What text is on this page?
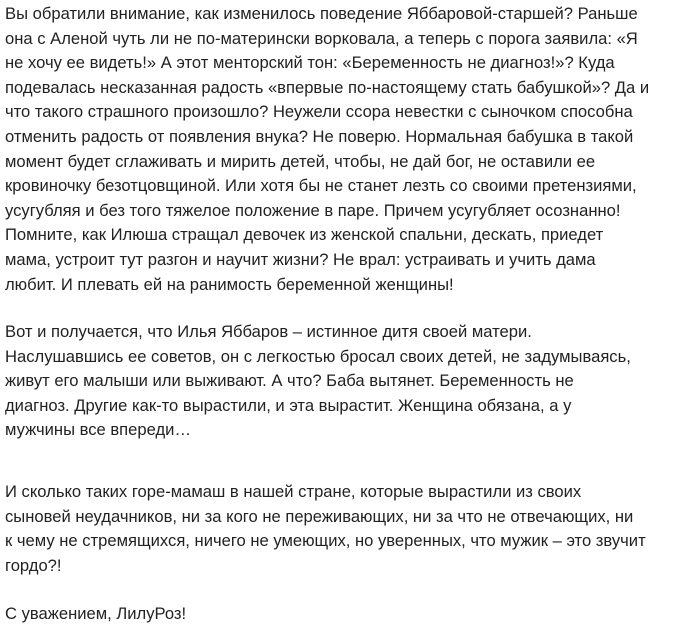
Вы обратили внимание, как изменилось поведение Яббаровой-старшей? Раньше
она с Аленой чуть ли не по-матерински ворковала, а теперь с порога заявила: «Я
не хочу ее видеть!» А этот менторский тон: «Беременность не диагноз!»? Куда
подевалась несказанная радость «впервые по-настоящему стать бабушкой»? Да и
что такого страшного произошло? Неужели ссора невестки с сыночком способна
отменить радость от появления внука? Не поверю. Нормальная бабушка в такой
момент будет сглаживать и мирить детей, чтобы, не дай бог, не оставили ее
кровиночку безотцовщиной. Или хотя бы не станет лезть со своими претензиями,
усугубляя и без того тяжелое положение в паре. Причем усугубляет осознанно!
Помните, как Илюша стращал девочек из женской спальни, дескать, приедет
мама, устроит тут разгон и научит жизни? Не врал: устраивать и учить дама
любит. И плевать ей на ранимость беременной женщины!

Вот и получается, что Илья Яббаров – истинное дитя своей матери.
Наслушавшись ее советов, он с легкостью бросал своих детей, не задумываясь,
живут его малыши или выживают. А что? Баба вытянет. Беременность не
диагноз. Другие как-то вырастили, и эта вырастит. Женщина обязана, а у
мужчины все впереди…

И сколько таких горе-мамаш в нашей стране, которые вырастили из своих
сыновей неудачников, ни за кого не переживающих, ни за что не отвечающих, ни
к чему не стремящихся, ничего не умеющих, но уверенных, что мужик – это звучит
гордо?!

С уважением, ЛилуРоз!
